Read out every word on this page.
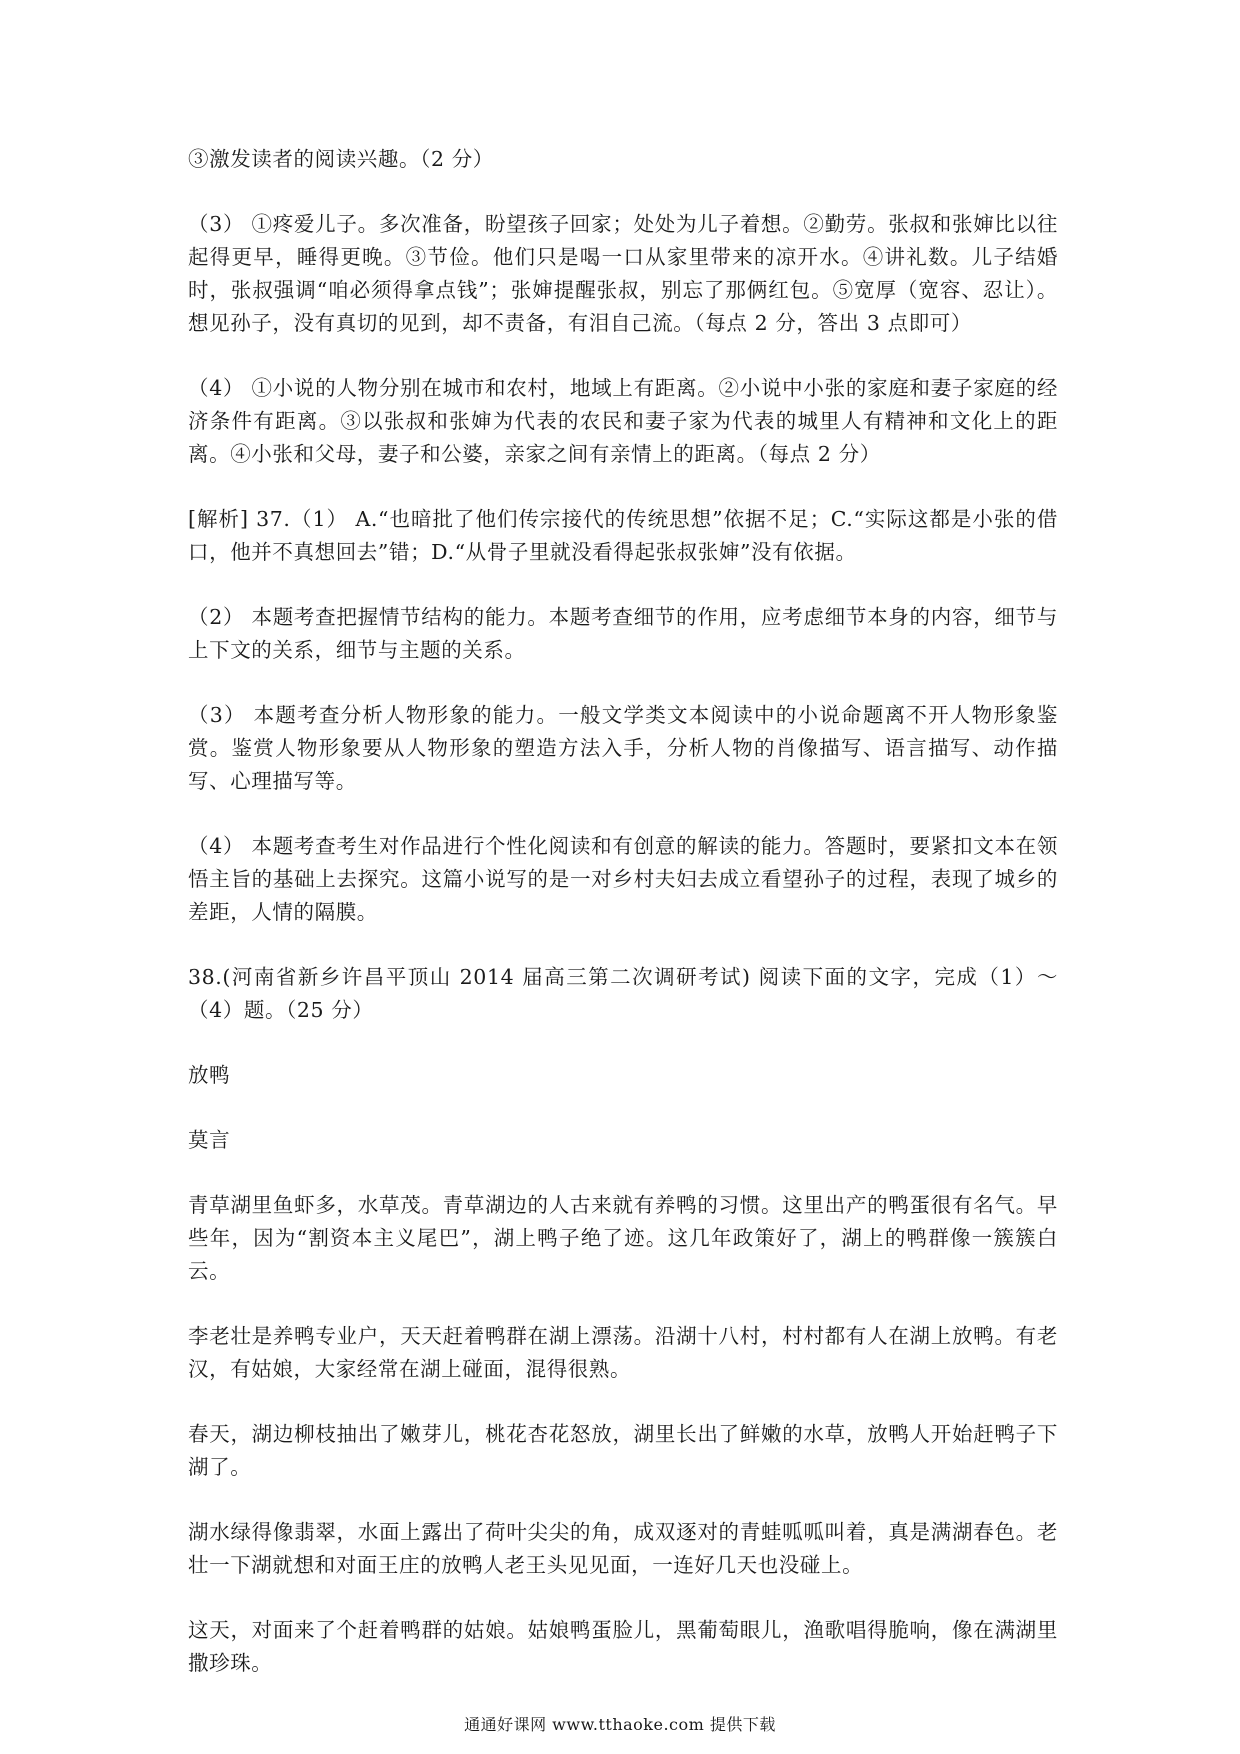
③激发读者的阅读兴趣。（2 分）

（3） ①疼爱儿子。多次准备，盼望孩子回家；处处为儿子着想。②勤劳。张叔和张婶比以往起得更早，睡得更晚。③节俭。他们只是喝一口从家里带来的凉开水。④讲礼数。儿子结婚时，张叔强调“咱必须得拿点钱”；张婶提醒张叔，别忘了那俩红包。⑤宽厚（宽容、忍让）。想见孙子，没有真切的见到，却不责备，有泪自己流。（每点 2 分，答出 3 点即可）

（4） ①小说的人物分别在城市和农村，地域上有距离。②小说中小张的家庭和妻子家庭的经济条件有距离。③以张叔和张婶为代表的农民和妻子家为代表的城里人有精神和文化上的距离。④小张和父母，妻子和公婆，亲家之间有亲情上的距离。（每点 2 分）

[解析] 37.（1） A.“也暗批了他们传宗接代的传统思想”依据不足；C.“实际这都是小张的借口，他并不真想回去”错；D.“从骨子里就没看得起张叔张婶”没有依据。

（2） 本题考查把握情节结构的能力。本题考查细节的作用，应考虑细节本身的内容，细节与上下文的关系，细节与主题的关系。

（3） 本题考查分析人物形象的能力。一般文学类文本阅读中的小说命题离不开人物形象鉴赏。鉴赏人物形象要从人物形象的塑造方法入手，分析人物的肖像描写、语言描写、动作描写、心理描写等。

（4） 本题考查考生对作品进行个性化阅读和有创意的解读的能力。答题时，要紧扣文本在领悟主旨的基础上去探究。这篇小说写的是一对乡村夫妇去成立看望孙子的过程，表现了城乡的差距，人情的隔膜。

38.(河南省新乡许昌平顶山 2014 届高三第二次调研考试) 阅读下面的文字，完成（1）～（4）题。（25 分）

放鸭

莫言

青草湖里鱼虾多，水草茂。青草湖边的人古来就有养鸭的习惯。这里出产的鸭蛋很有名气。早些年，因为“割资本主义尾巴”，湖上鸭子绝了迹。这几年政策好了，湖上的鸭群像一簇簇白云。

李老壮是养鸭专业户，天天赶着鸭群在湖上漂荡。沿湖十八村，村村都有人在湖上放鸭。有老汉，有姑娘，大家经常在湖上碰面，混得很熟。

春天，湖边柳枝抽出了嫩芽儿，桃花杏花怒放，湖里长出了鲜嫩的水草，放鸭人开始赶鸭子下湖了。

湖水绿得像翡翠，水面上露出了荷叶尖尖的角，成双逐对的青蛙呱呱叫着，真是满湖春色。老壮一下湖就想和对面王庄的放鸭人老王头见见面，一连好几天也没碰上。

这天，对面来了个赶着鸭群的姑娘。姑娘鸭蛋脸儿，黑葡萄眼儿，渔歌唱得脆响，像在满湖里撒珍珠。

通通好课网 www.tthaoke.com 提供下载
